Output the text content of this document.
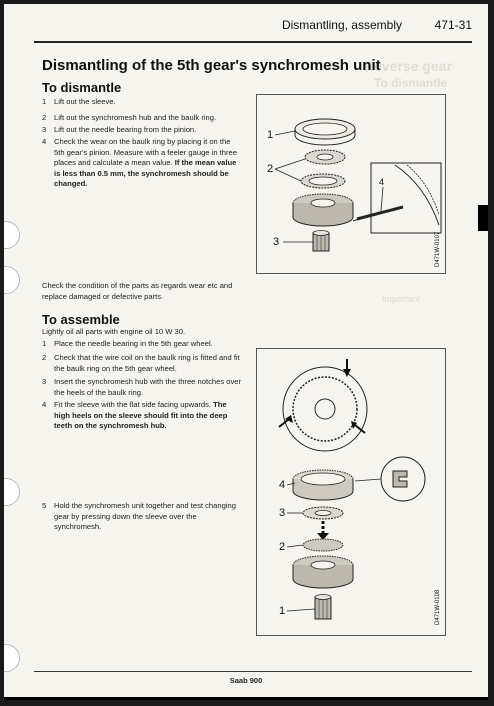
Reverse gear
To dismantle
Important
Dismantling, assembly	471-31
Dismantling of the 5th gear's synchromesh unit
To dismantle
1	Lift out the sleeve.
2	Lift out the synchromesh hub and the baulk ring.
3	Lift out the needle bearing from the pinion.
4	Check the wear on the baulk ring by placing it on the 5th gear's pinion. Measure with a feeler gauge in three places and calculate a mean value. If the mean value is less than 0.5 mm, the synchromesh should be changed.
Check the condition of the parts as regards wear etc and replace damaged or defective parts.
To assemble
Lightly oil all parts with engine oil 10 W 30.
1	Place the needle bearing in the 5th gear wheel.
2	Check that the wire coil on the baulk ring is fitted and fit the baulk ring on the 5th gear wheel.
3	Insert the synchromesh hub with the three notches over the heels of the baulk ring.
4	Fit the sleeve with the flat side facing upwards. The high heels on the sleeve should fit into the deep teeth on the synchromesh hub.
5	Hold the synchromesh unit together and test changing gear by pressing down the sleeve over the synchromesh.
1
2
3
4
D471W-0107
4
3
2
1	D471W-0108
Saab 900
